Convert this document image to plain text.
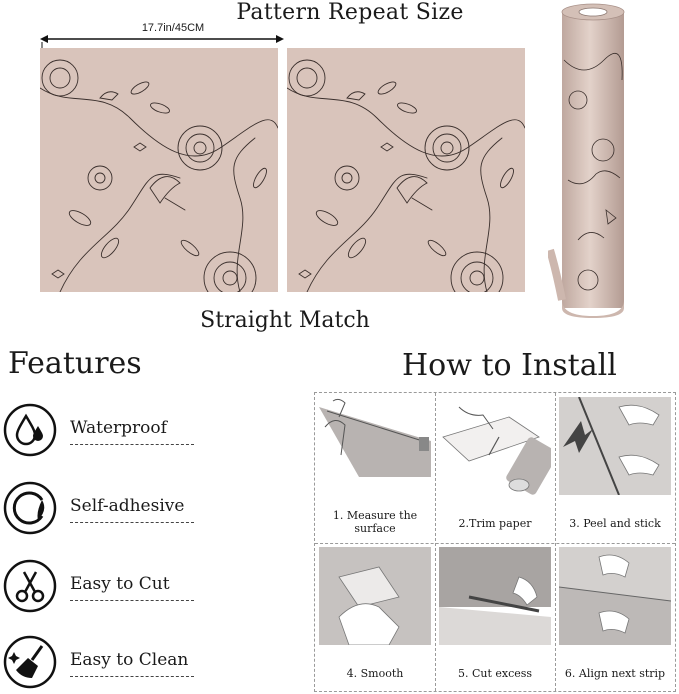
Pattern Repeat Size
17.7in/45CM
Straight Match
Features
Waterproof
Self-adhesive
Easy to Cut
Easy to Clean
How to Install
1. Measure the surface	2.Trim paper	3. Peel and stick
4. Smooth	5. Cut excess	6. Align next strip
